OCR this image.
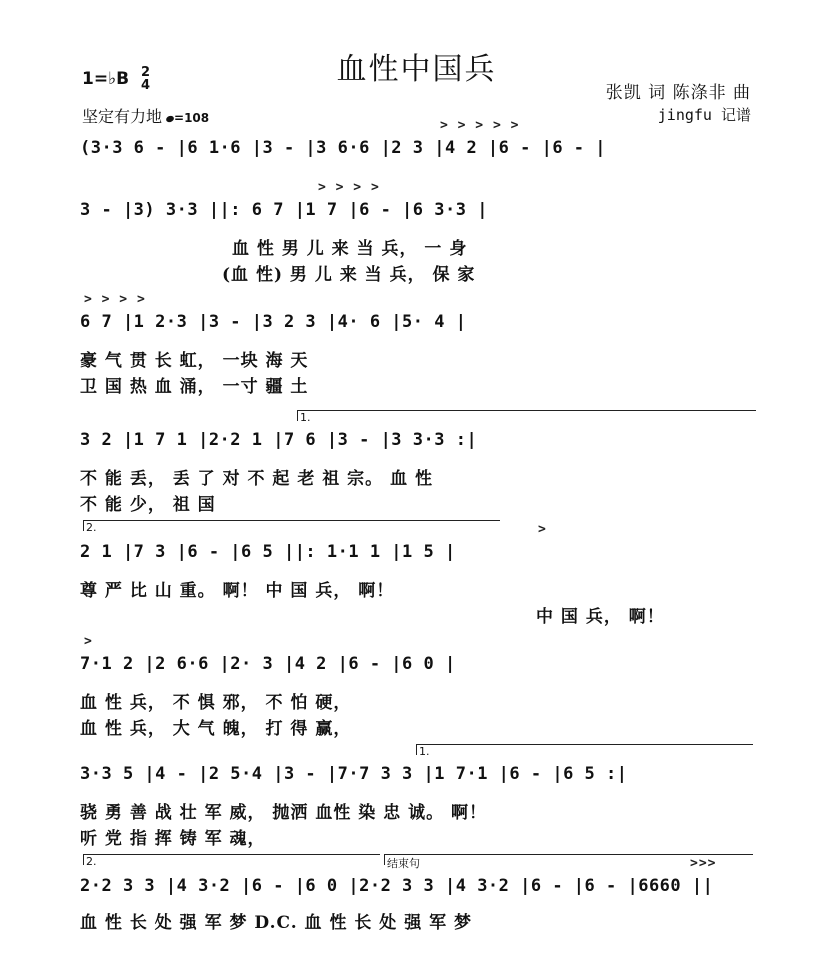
血性中国兵
1=♭B 2
4
坚定有力地 =108
张凯 词 陈涤非 曲
jingfu 记谱
> > > > >
(3·3 6 - |6 1·6 |3 - |3 6·6 |2 3 |4 2 |6 - |6 - |
> > > >
3 - |3) 3·3 ||: 6 7 |1 7 |6 - |6 3·3 |
血 性 男 儿 来 当 兵， 一 身
(血 性) 男 儿 来 当 兵， 保 家
> > > >
6 7 |1 2·3 |3 - |3 2 3 |4· 6 |5· 4 |
豪 气 贯 长 虹， 一块 海 天
卫 国 热 血 涌， 一寸 疆 土
1.
3 2 |1 7 1 |2·2 1 |7 6 |3 - |3 3·3 :|
不 能 丢， 丢 了 对 不 起 老 祖 宗。 血 性
不 能 少， 祖 国
2.	>
2 1 |7 3 |6 - |6 5 ||: 1·1 1 |1 5 |
尊 严 比 山 重。 啊！ 中 国 兵， 啊！
中 国 兵， 啊！
>
7·1 2 |2 6·6 |2· 3 |4 2 |6 - |6 0 |
血 性 兵， 不 惧 邪， 不 怕 硬，
血 性 兵， 大 气 魄， 打 得 赢，
1.
3·3 5 |4 - |2 5·4 |3 - |7·7 3 3 |1 7·1 |6 - |6 5 :|
骁 勇 善 战 壮 军 威， 抛洒 血性 染 忠 诚。 啊！
听 党 指 挥 铸 军 魂，
2.	结束句	>>>
2·2 3 3 |4 3·2 |6 - |6 0 |2·2 3 3 |4 3·2 |6 - |6 - |6660 ||
血 性 长 处 强 军 梦 D.C. 血 性 长 处 强 军 梦
